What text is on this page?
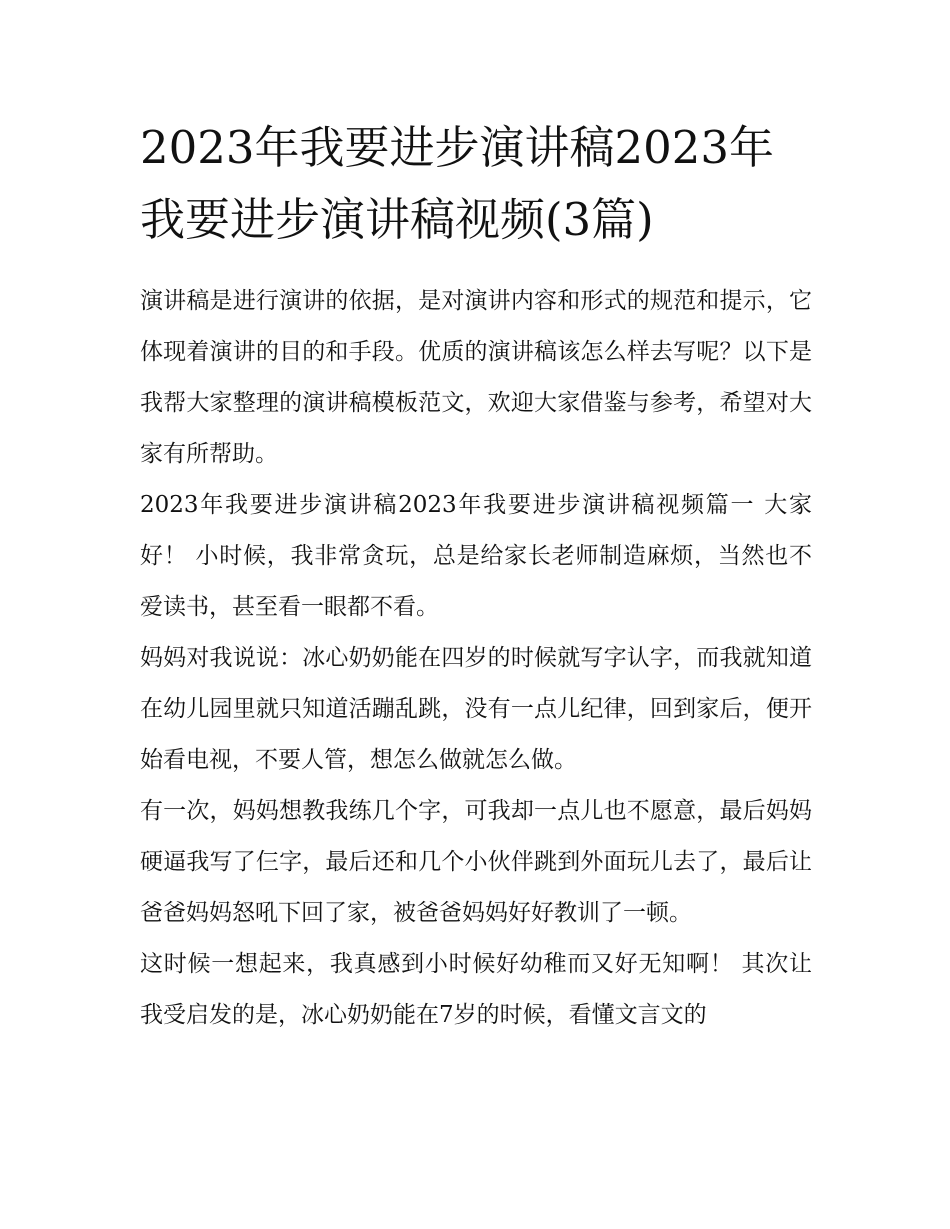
2023年我要进步演讲稿2023年我要进步演讲稿视频(3篇)

演讲稿是进行演讲的依据，是对演讲内容和形式的规范和提示，它体现着演讲的目的和手段。优质的演讲稿该怎么样去写呢？以下是我帮大家整理的演讲稿模板范文，欢迎大家借鉴与参考，希望对大家有所帮助。

2023年我要进步演讲稿2023年我要进步演讲稿视频篇一 大家好！ 小时候，我非常贪玩，总是给家长老师制造麻烦，当然也不爱读书，甚至看一眼都不看。

妈妈对我说说：冰心奶奶能在四岁的时候就写字认字，而我就知道在幼儿园里就只知道活蹦乱跳，没有一点儿纪律，回到家后，便开始看电视，不要人管，想怎么做就怎么做。

有一次，妈妈想教我练几个字，可我却一点儿也不愿意，最后妈妈硬逼我写了仨字，最后还和几个小伙伴跳到外面玩儿去了，最后让爸爸妈妈怒吼下回了家，被爸爸妈妈好好教训了一顿。

这时候一想起来，我真感到小时候好幼稚而又好无知啊！ 其次让我受启发的是，冰心奶奶能在7岁的时候，看懂文言文的
